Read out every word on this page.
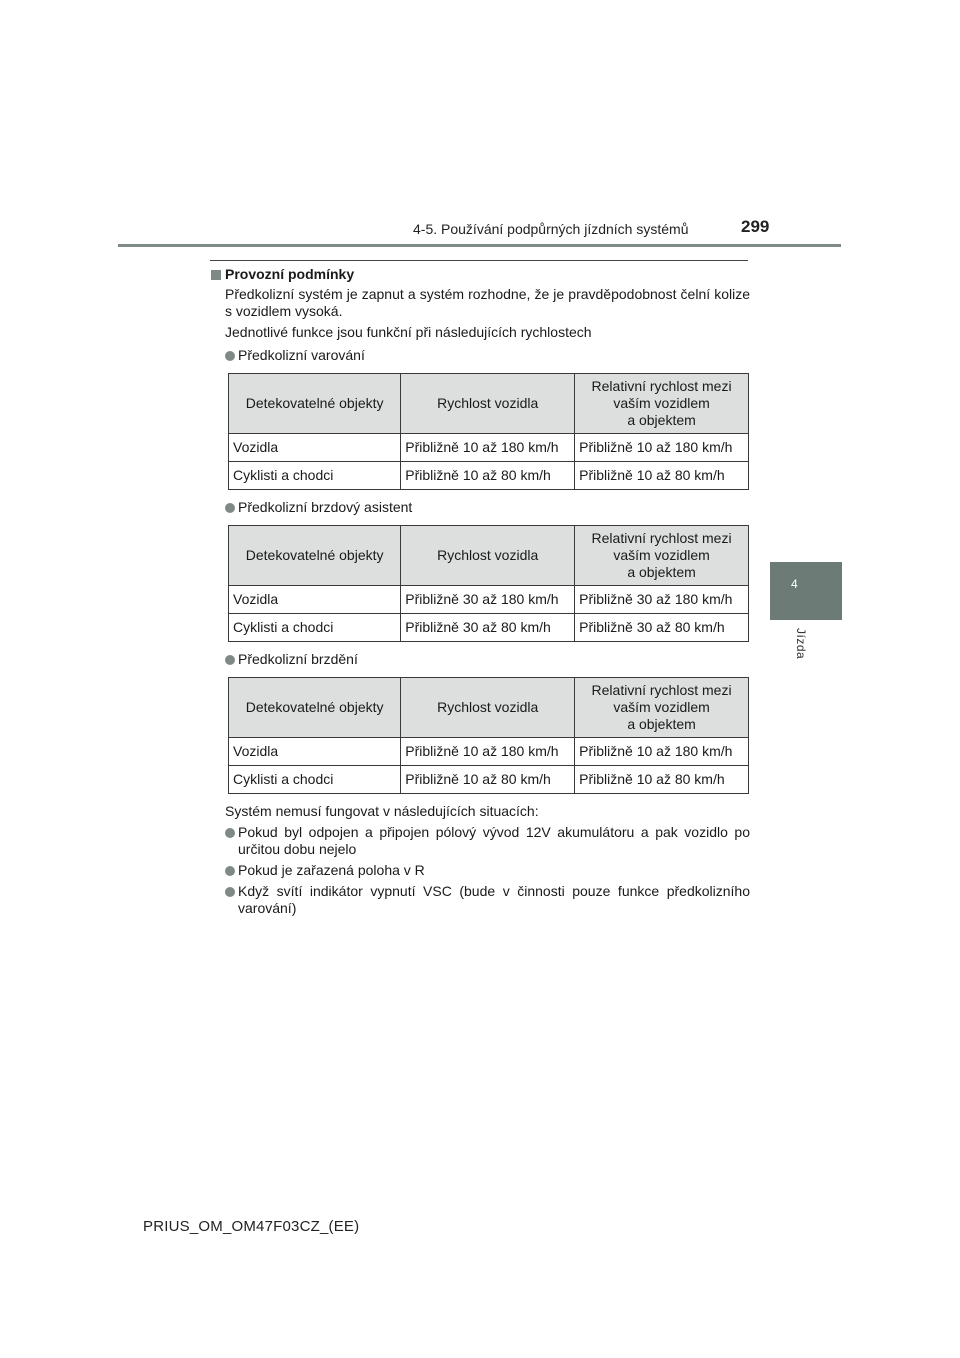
4-5. Používání podpůrných jízdních systémů	299
4
Jízda
Provozní podmínky
Předkolizní systém je zapnut a systém rozhodne, že je pravděpodobnost čelní kolize s vozidlem vysoká.
Jednotlivé funkce jsou funkční při následujících rychlostech
Předkolizní varování
Detekovatelné objekty	Rychlost vozidla	Relativní rychlost mezi
vaším vozidlem
a objektem
Vozidla	Přibližně 10 až 180 km/h	Přibližně 10 až 180 km/h
Cyklisti a chodci	Přibližně 10 až 80 km/h	Přibližně 10 až 80 km/h
Předkolizní brzdový asistent
Detekovatelné objekty	Rychlost vozidla	Relativní rychlost mezi
vaším vozidlem
a objektem
Vozidla	Přibližně 30 až 180 km/h	Přibližně 30 až 180 km/h
Cyklisti a chodci	Přibližně 30 až 80 km/h	Přibližně 30 až 80 km/h
Předkolizní brzdění
Detekovatelné objekty	Rychlost vozidla	Relativní rychlost mezi
vaším vozidlem
a objektem
Vozidla	Přibližně 10 až 180 km/h	Přibližně 10 až 180 km/h
Cyklisti a chodci	Přibližně 10 až 80 km/h	Přibližně 10 až 80 km/h
Systém nemusí fungovat v následujících situacích:
Pokud byl odpojen a připojen pólový vývod 12V akumulátoru a pak vozidlo po určitou dobu nejelo
Pokud je zařazená poloha v R
Když svítí indikátor vypnutí VSC (bude v činnosti pouze funkce předkolizního varování)
PRIUS_OM_OM47F03CZ_(EE)
